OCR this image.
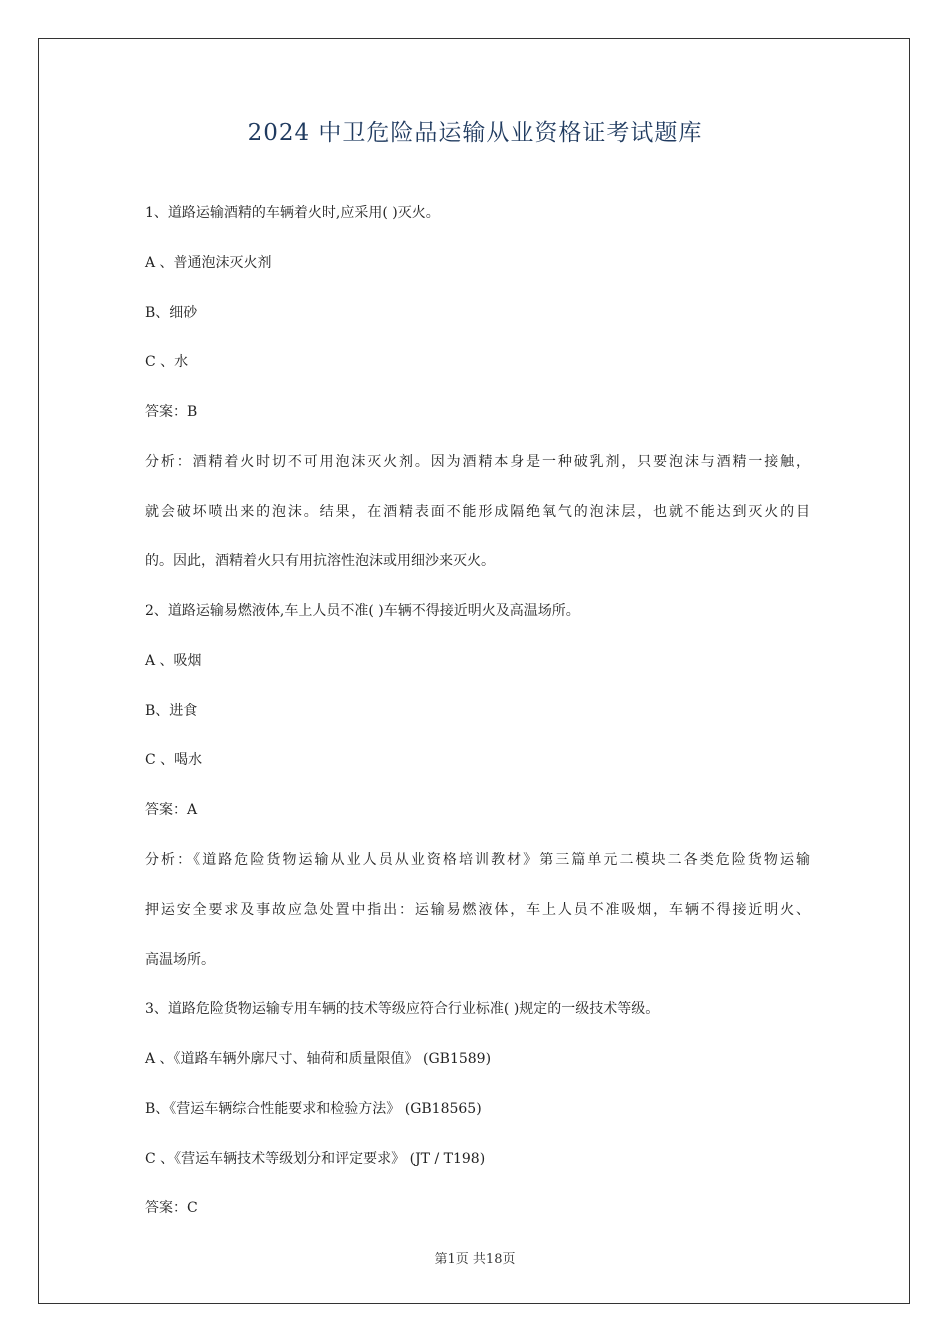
2024 中卫危险品运输从业资格证考试题库
1、道路运输酒精的车辆着火时,应采用( )灭火。
A 、普通泡沫灭火剂
B、细砂
C 、水
答案：B
分析：酒精着火时切不可用泡沫灭火剂。因为酒精本身是一种破乳剂，只要泡沫与酒精一接触，
就会破坏喷出来的泡沫。结果，在酒精表面不能形成隔绝氧气的泡沫层，也就不能达到灭火的目
的。因此，酒精着火只有用抗溶性泡沫或用细沙来灭火。
2、道路运输易燃液体,车上人员不准( )车辆不得接近明火及高温场所。
A 、吸烟
B、进食
C 、喝水
答案：A
分析：《道路危险货物运输从业人员从业资格培训教材》第三篇单元二模块二各类危险货物运输
押运安全要求及事故应急处置中指出：运输易燃液体，车上人员不准吸烟，车辆不得接近明火、
高温场所。
3、道路危险货物运输专用车辆的技术等级应符合行业标准( )规定的一级技术等级。
A 、《道路车辆外廓尺寸、轴荷和质量限值》 (GB1589)
B、《营运车辆综合性能要求和检验方法》 (GB18565)
C 、《营运车辆技术等级划分和评定要求》 (JT / T198)
答案：C
第1页 共18页
